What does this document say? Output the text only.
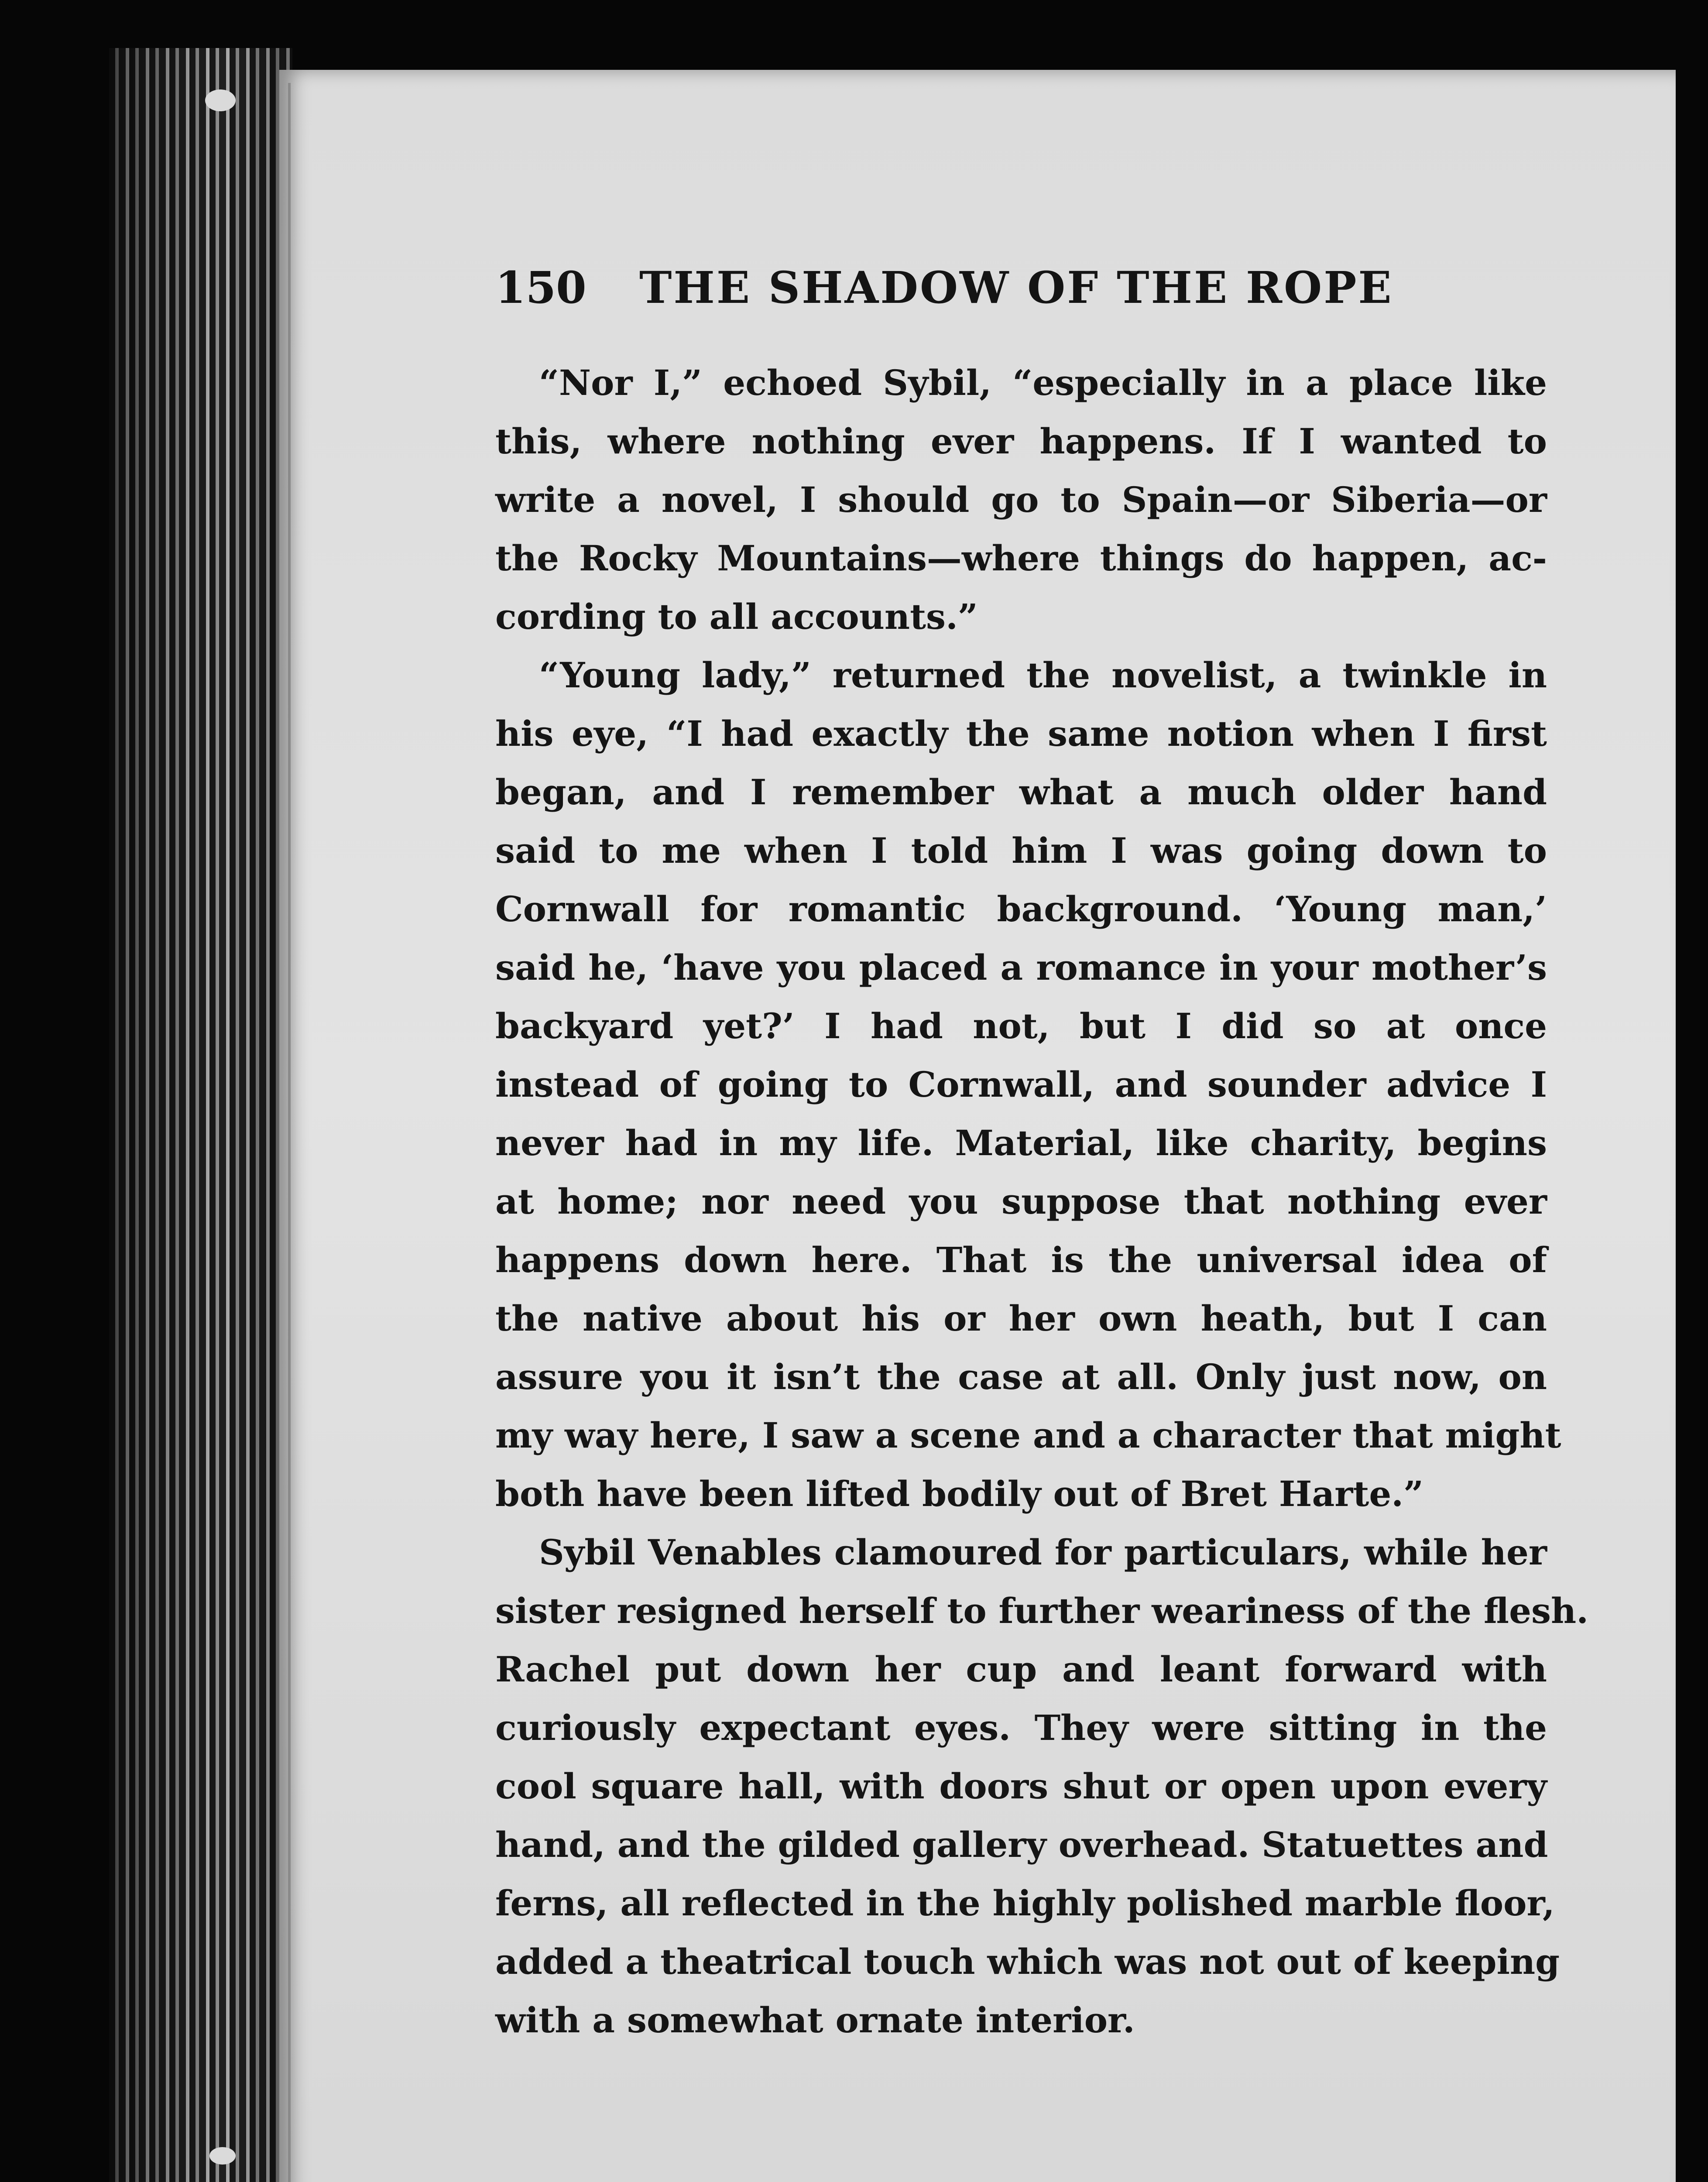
150 THE SHADOW OF THE ROPE
“Nor I,” echoed Sybil, “especially in a place like
this, where nothing ever happens. If I wanted to
write a novel, I should go to Spain—or Siberia—or
the Rocky Mountains—where things do happen, ac-
cording to all accounts.”
“Young lady,” returned the novelist, a twinkle in
his eye, “I had exactly the same notion when I first
began, and I remember what a much older hand
said to me when I told him I was going down to
Cornwall for romantic background. ‘Young man,’
said he, ‘have you placed a romance in your mother’s
backyard yet?’ I had not, but I did so at once
instead of going to Cornwall, and sounder advice I
never had in my life. Material, like charity, begins
at home; nor need you suppose that nothing ever
happens down here. That is the universal idea of
the native about his or her own heath, but I can
assure you it isn’t the case at all. Only just now, on
my way here, I saw a scene and a character that might
both have been lifted bodily out of Bret Harte.”
Sybil Venables clamoured for particulars, while her
sister resigned herself to further weariness of the flesh.
Rachel put down her cup and leant forward with
curiously expectant eyes. They were sitting in the
cool square hall, with doors shut or open upon every
hand, and the gilded gallery overhead. Statuettes and
ferns, all reflected in the highly polished marble floor,
added a theatrical touch which was not out of keeping
with a somewhat ornate interior.
